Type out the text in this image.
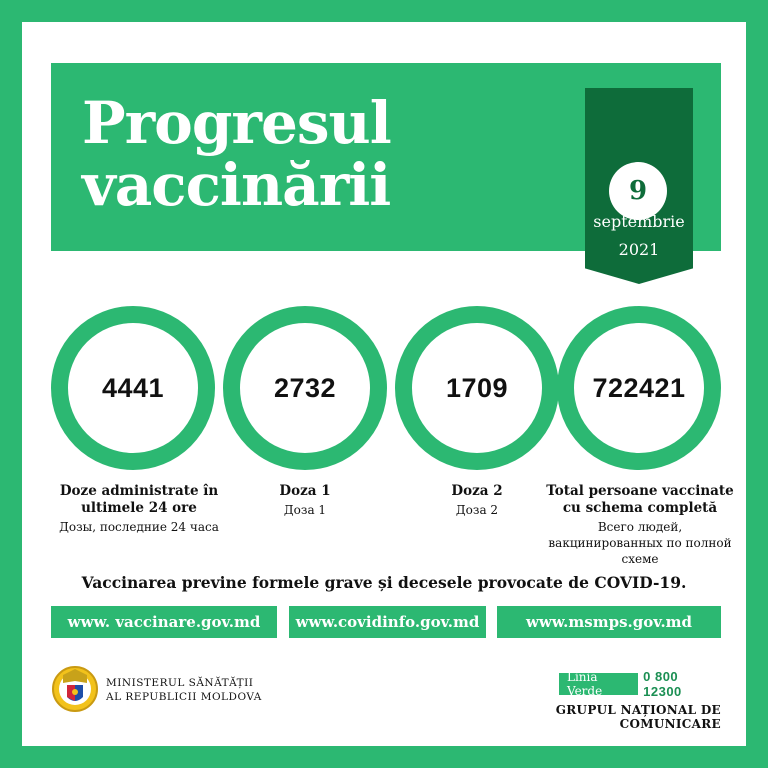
Progresul
vaccinării	9
septembrie
2021
4441	2732	1709	722421
Doze administrate în ultimele 24 ore
Дозы, последние 24 часа
Doza 1
Доза 1
Doza 2
Доза 2
Total persoane vaccinate cu schema completă
Всего людей, вакцинированных по полной схеме
Vaccinarea previne formele grave și decesele provocate de COVID-19.
www. vaccinare.gov.md	www.covidinfo.gov.md	www.msmps.gov.md
MINISTERUL SĂNĂTĂȚII
AL REPUBLICII MOLDOVA
Linia Verde
0 800 12300
GRUPUL NAȚIONAL DE COMUNICARE
